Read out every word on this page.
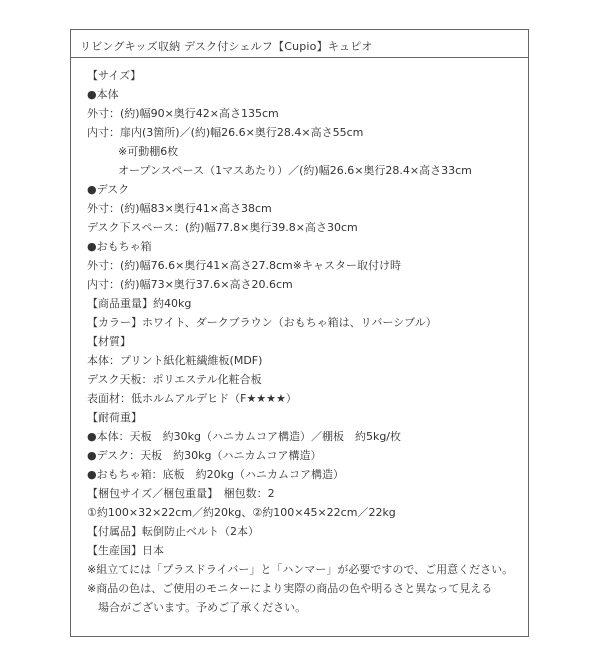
リビングキッズ収納 デスク付シェルフ【Cupio】キュピオ
【サイズ】
●本体
外寸：(約)幅90×奥行42×高さ135cm
内寸：扉内(3箇所)／(約)幅26.6×奥行28.4×高さ55cm
※可動棚6枚
オープンスペース（1マスあたり）／(約)幅26.6×奥行28.4×高さ33cm
●デスク
外寸：(約)幅83×奥行41×高さ38cm
デスク下スペース：(約)幅77.8×奥行39.8×高さ30cm
●おもちゃ箱
外寸：(約)幅76.6×奥行41×高さ27.8cm※キャスター取付け時
内寸：(約)幅73×奥行37.6×高さ20.6cm
【商品重量】約40kg
【カラー】ホワイト、ダークブラウン（おもちゃ箱は、リバーシブル）
【材質】
本体：プリント紙化粧繊維板(MDF)
デスク天板：ポリエステル化粧合板
表面材：低ホルムアルデヒド（F★★★★）
【耐荷重】
●本体：天板　約30kg（ハニカムコア構造）／棚板　約5kg/枚
●デスク：天板　約30kg（ハニカムコア構造）
●おもちゃ箱：底板　約20kg（ハニカムコア構造）
【梱包サイズ／梱包重量】　梱包数：2
①約100×32×22cm／約20kg、②約100×45×22cm／22kg
【付属品】転倒防止ベルト（2本）
【生産国】日本
※組立てには「プラスドライバー」と「ハンマー」が必要ですので、ご用意ください。
※商品の色は、ご使用のモニターにより実際の商品の色や明るさと異なって見える
場合がございます。予めご了承ください。
